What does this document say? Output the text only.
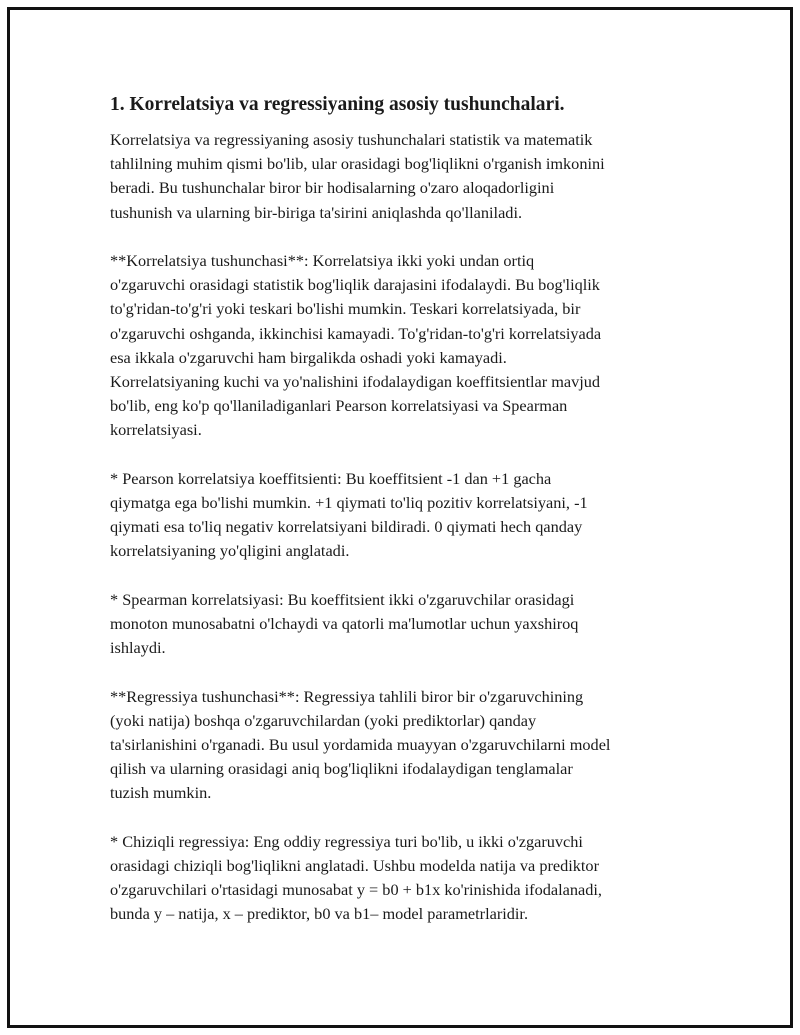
1. Korrelatsiya va regressiyaning asosiy tushunchalari.
Korrelatsiya va regressiyaning asosiy tushunchalari statistik va matematik
tahlilning muhim qismi bo'lib, ular orasidagi bog'liqlikni o'rganish imkonini
beradi. Bu tushunchalar biror bir hodisalarning o'zaro aloqadorligini
tushunish va ularning bir-biriga ta'sirini aniqlashda qo'llaniladi.
**Korrelatsiya tushunchasi**: Korrelatsiya ikki yoki undan ortiq
o'zgaruvchi orasidagi statistik bog'liqlik darajasini ifodalaydi. Bu bog'liqlik
to'g'ridan-to'g'ri yoki teskari bo'lishi mumkin. Teskari korrelatsiyada, bir
o'zgaruvchi oshganda, ikkinchisi kamayadi. To'g'ridan-to'g'ri korrelatsiyada
esa ikkala o'zgaruvchi ham birgalikda oshadi yoki kamayadi.
Korrelatsiyaning kuchi va yo'nalishini ifodalaydigan koeffitsientlar mavjud
bo'lib, eng ko'p qo'llaniladiganlari Pearson korrelatsiyasi va Spearman
korrelatsiyasi.
* Pearson korrelatsiya koeffitsienti: Bu koeffitsient -1 dan +1 gacha
qiymatga ega bo'lishi mumkin. +1 qiymati to'liq pozitiv korrelatsiyani, -1
qiymati esa to'liq negativ korrelatsiyani bildiradi. 0 qiymati hech qanday
korrelatsiyaning yo'qligini anglatadi.
* Spearman korrelatsiyasi: Bu koeffitsient ikki o'zgaruvchilar orasidagi
monoton munosabatni o'lchaydi va qatorli ma'lumotlar uchun yaxshiroq
ishlaydi.
**Regressiya tushunchasi**: Regressiya tahlili biror bir o'zgaruvchining
(yoki natija) boshqa o'zgaruvchilardan (yoki prediktorlar) qanday
ta'sirlanishini o'rganadi. Bu usul yordamida muayyan o'zgaruvchilarni model
qilish va ularning orasidagi aniq bog'liqlikni ifodalaydigan tenglamalar
tuzish mumkin.
* Chiziqli regressiya: Eng oddiy regressiya turi bo'lib, u ikki o'zgaruvchi
orasidagi chiziqli bog'liqlikni anglatadi. Ushbu modelda natija va prediktor
o'zgaruvchilari o'rtasidagi munosabat y = b0 + b1x ko'rinishida ifodalanadi,
bunda y – natija, x – prediktor, b0 va b1– model parametrlaridir.
